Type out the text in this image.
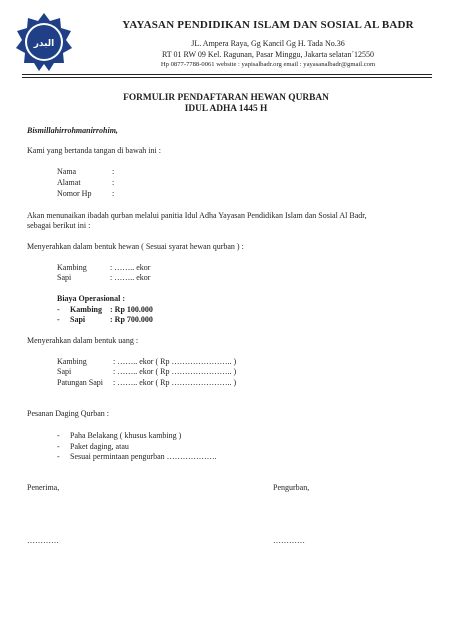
البدر
YAYASAN PENDIDIKAN ISLAM DAN SOSIAL AL BADR
JL. Ampera Raya, Gg Kancil Gg H. Tada No.36
RT 01 RW 09 Kel. Ragunan, Pasar Minggu, Jakarta selatan´12550
Hp 0877-7788-0061 website : yapisalbadr.org email : yayasanalbadr@gmail.com
FORMULIR PENDAFTARAN HEWAN QURBAN
IDUL ADHA 1445 H
Bismillahirrohmanirrohim,
Kami yang bertanda tangan di bawah ini :
Nama	:
Alamat	:
Nomor Hp	:
Akan menunaikan ibadah qurban melalui panitia Idul Adha Yayasan Pendidikan Islam dan Sosial Al Badr,
sebagai berikut ini :
Menyerahkan dalam bentuk hewan ( Sesuai syarat hewan qurban ) :
Kambing	: …….. ekor
Sapi	: …….. ekor
Biaya Operasional :
- Kambing : Rp 100.000
- Sapi	: Rp 700.000
Menyerahkan dalam bentuk uang :
Kambing	: …….. ekor ( Rp ………………….. )
Sapi	: …….. ekor ( Rp ………………….. )
Patungan Sapi : …….. ekor ( Rp ………………….. )
Pesanan Daging Qurban :
- Paha Belakang ( khusus kambing )
- Paket daging, atau
- Sesuai permintaan pengurban ……………….
Penerima,	Pengurban,
…………	…………
